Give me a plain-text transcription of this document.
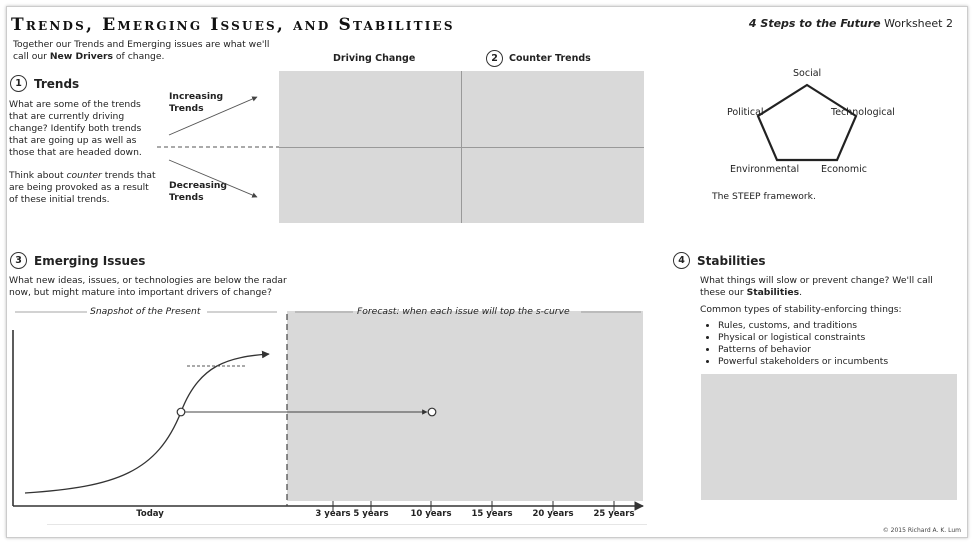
Trends, Emerging Issues, and Stabilities	4 Steps to the Future Worksheet 2
Together our Trends and Emerging issues are what we'll call our New Drivers of change.
1	Trends
What are some of the trends that are currently driving change? Identify both trends that are going up as well as those that are headed down.
Think about counter trends that are being provoked as a result of these initial trends.
Increasing Trends
Decreasing Trends
Driving Change	2	Counter Trends
Social
Political	Technological
Environmental Economic
The STEEP framework.
3	Emerging Issues
What new ideas, issues, or technologies are below the radar now, but might mature into important drivers of change?
Snapshot of the Present	Forecast: when each issue will top the s-curve
Today	3 years 5 years	10 years 15 years 20 years 25 years
4	Stabilities
What things will slow or prevent change? We'll call these our Stabilities.
Common types of stability-enforcing things:
• Rules, customs, and traditions
• Physical or logistical constraints
• Patterns of behavior
• Powerful stakeholders or incumbents
© 2015 Richard A. K. Lum
